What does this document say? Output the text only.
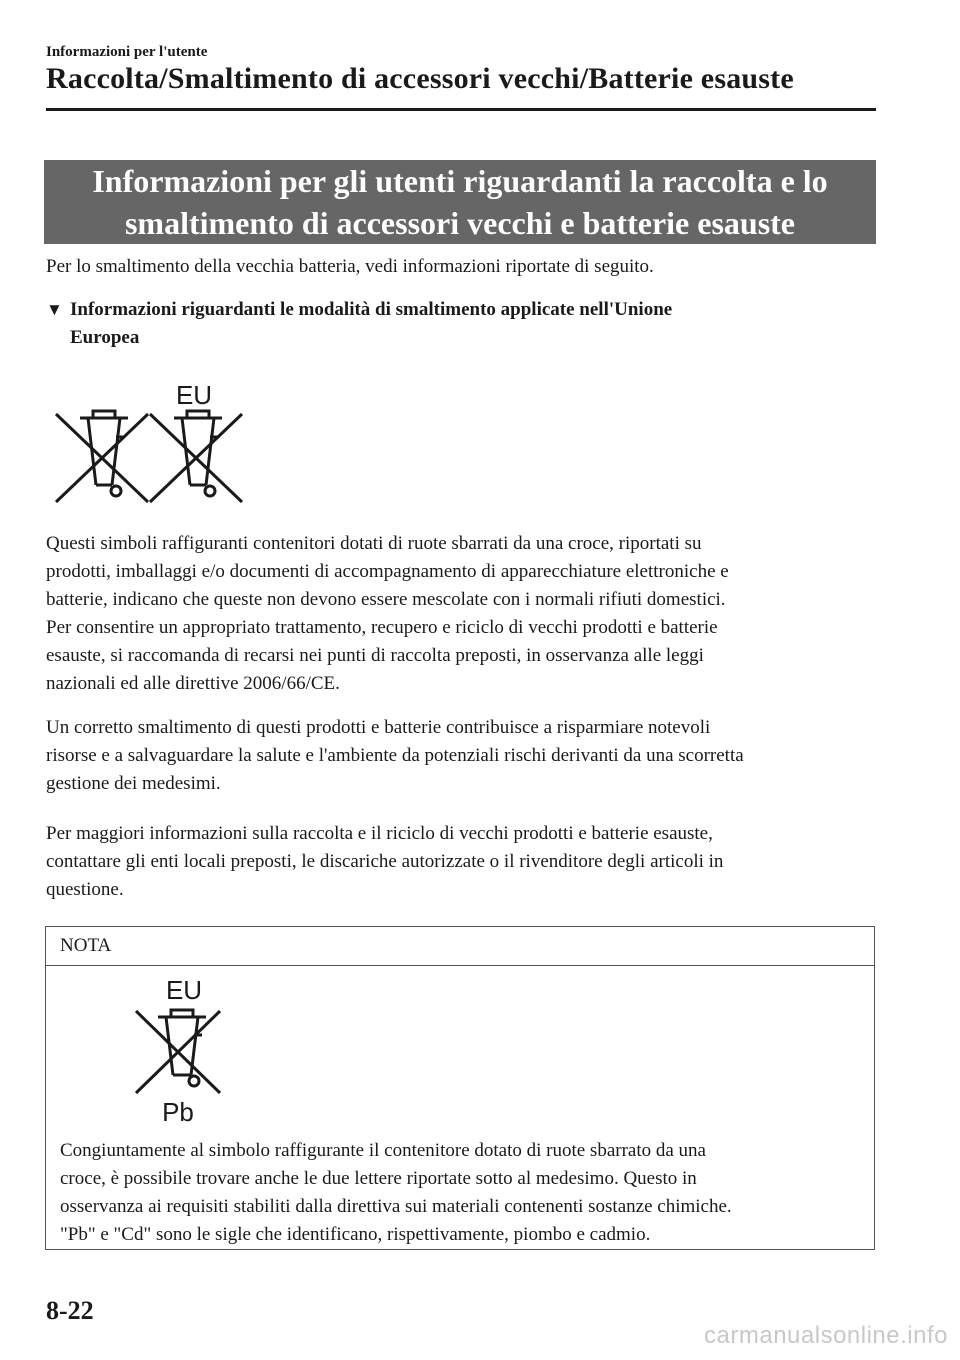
Informazioni per l'utente
Raccolta/Smaltimento di accessori vecchi/Batterie esauste
Informazioni per gli utenti riguardanti la raccolta e lo
smaltimento di accessori vecchi e batterie esauste
Per lo smaltimento della vecchia batteria, vedi informazioni riportate di seguito.
▼ Informazioni riguardanti le modalità di smaltimento applicate nell'Unione
Europea
EU
Questi simboli raffiguranti contenitori dotati di ruote sbarrati da una croce, riportati su
prodotti, imballaggi e/o documenti di accompagnamento di apparecchiature elettroniche e
batterie, indicano che queste non devono essere mescolate con i normali rifiuti domestici.
Per consentire un appropriato trattamento, recupero e riciclo di vecchi prodotti e batterie
esauste, si raccomanda di recarsi nei punti di raccolta preposti, in osservanza alle leggi
nazionali ed alle direttive 2006/66/CE.
Un corretto smaltimento di questi prodotti e batterie contribuisce a risparmiare notevoli
risorse e a salvaguardare la salute e l'ambiente da potenziali rischi derivanti da una scorretta
gestione dei medesimi.
Per maggiori informazioni sulla raccolta e il riciclo di vecchi prodotti e batterie esauste,
contattare gli enti locali preposti, le discariche autorizzate o il rivenditore degli articoli in
questione.
NOTA
EU
Pb
Congiuntamente al simbolo raffigurante il contenitore dotato di ruote sbarrato da una
croce, è possibile trovare anche le due lettere riportate sotto al medesimo. Questo in
osservanza ai requisiti stabiliti dalla direttiva sui materiali contenenti sostanze chimiche.
"Pb" e "Cd" sono le sigle che identificano, rispettivamente, piombo e cadmio.
8-22
carmanualsonline.info
